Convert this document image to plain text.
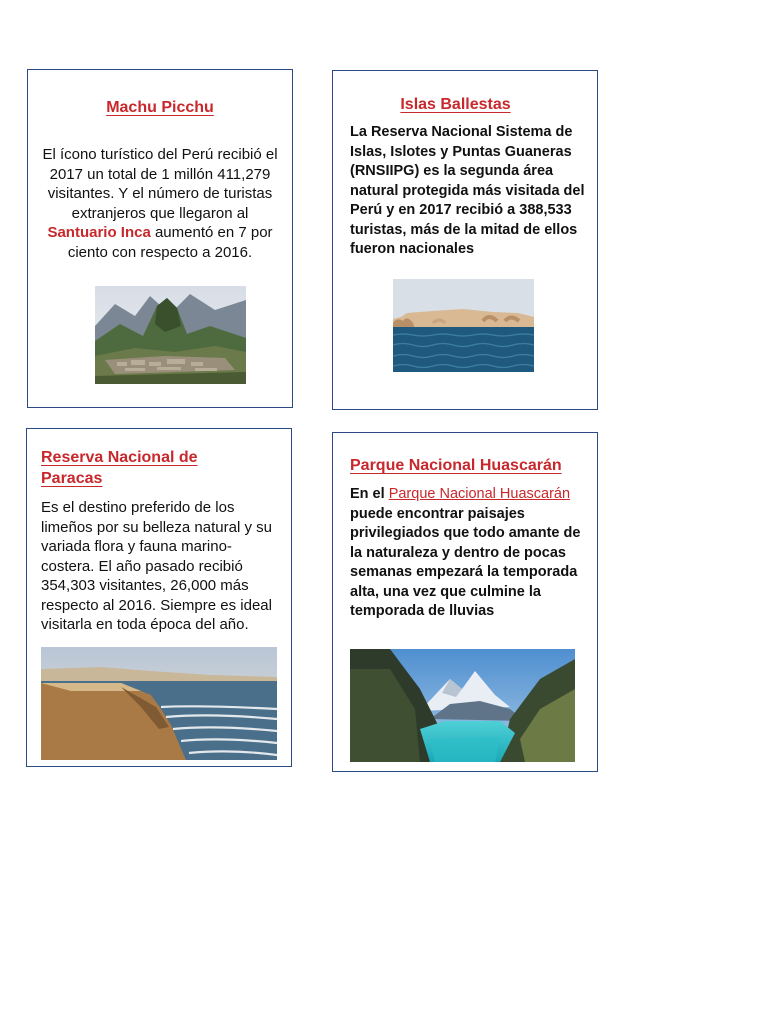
Machu Picchu

El ícono turístico del Perú recibió el 2017 un total de 1 millón 411,279 visitantes. Y el número de turistas extranjeros que llegaron al Santuario Inca aumentó en 7 por ciento con respecto a 2016.

Islas Ballestas

La Reserva Nacional Sistema de Islas, Islotes y Puntas Guaneras (RNSIIPG) es la segunda área natural protegida más visitada del Perú y en 2017 recibió a 388,533 turistas, más de la mitad de ellos fueron nacionales

Reserva Nacional de Paracas

Es el destino preferido de los limeños por su belleza natural y su variada flora y fauna marino-costera. El año pasado recibió 354,303 visitantes, 26,000 más respecto al 2016. Siempre es ideal visitarla en toda época del año.

Parque Nacional Huascarán

En el Parque Nacional Huascarán puede encontrar paisajes privilegiados que todo amante de la naturaleza y dentro de pocas semanas empezará la temporada alta, una vez que culmine la temporada de lluvias
